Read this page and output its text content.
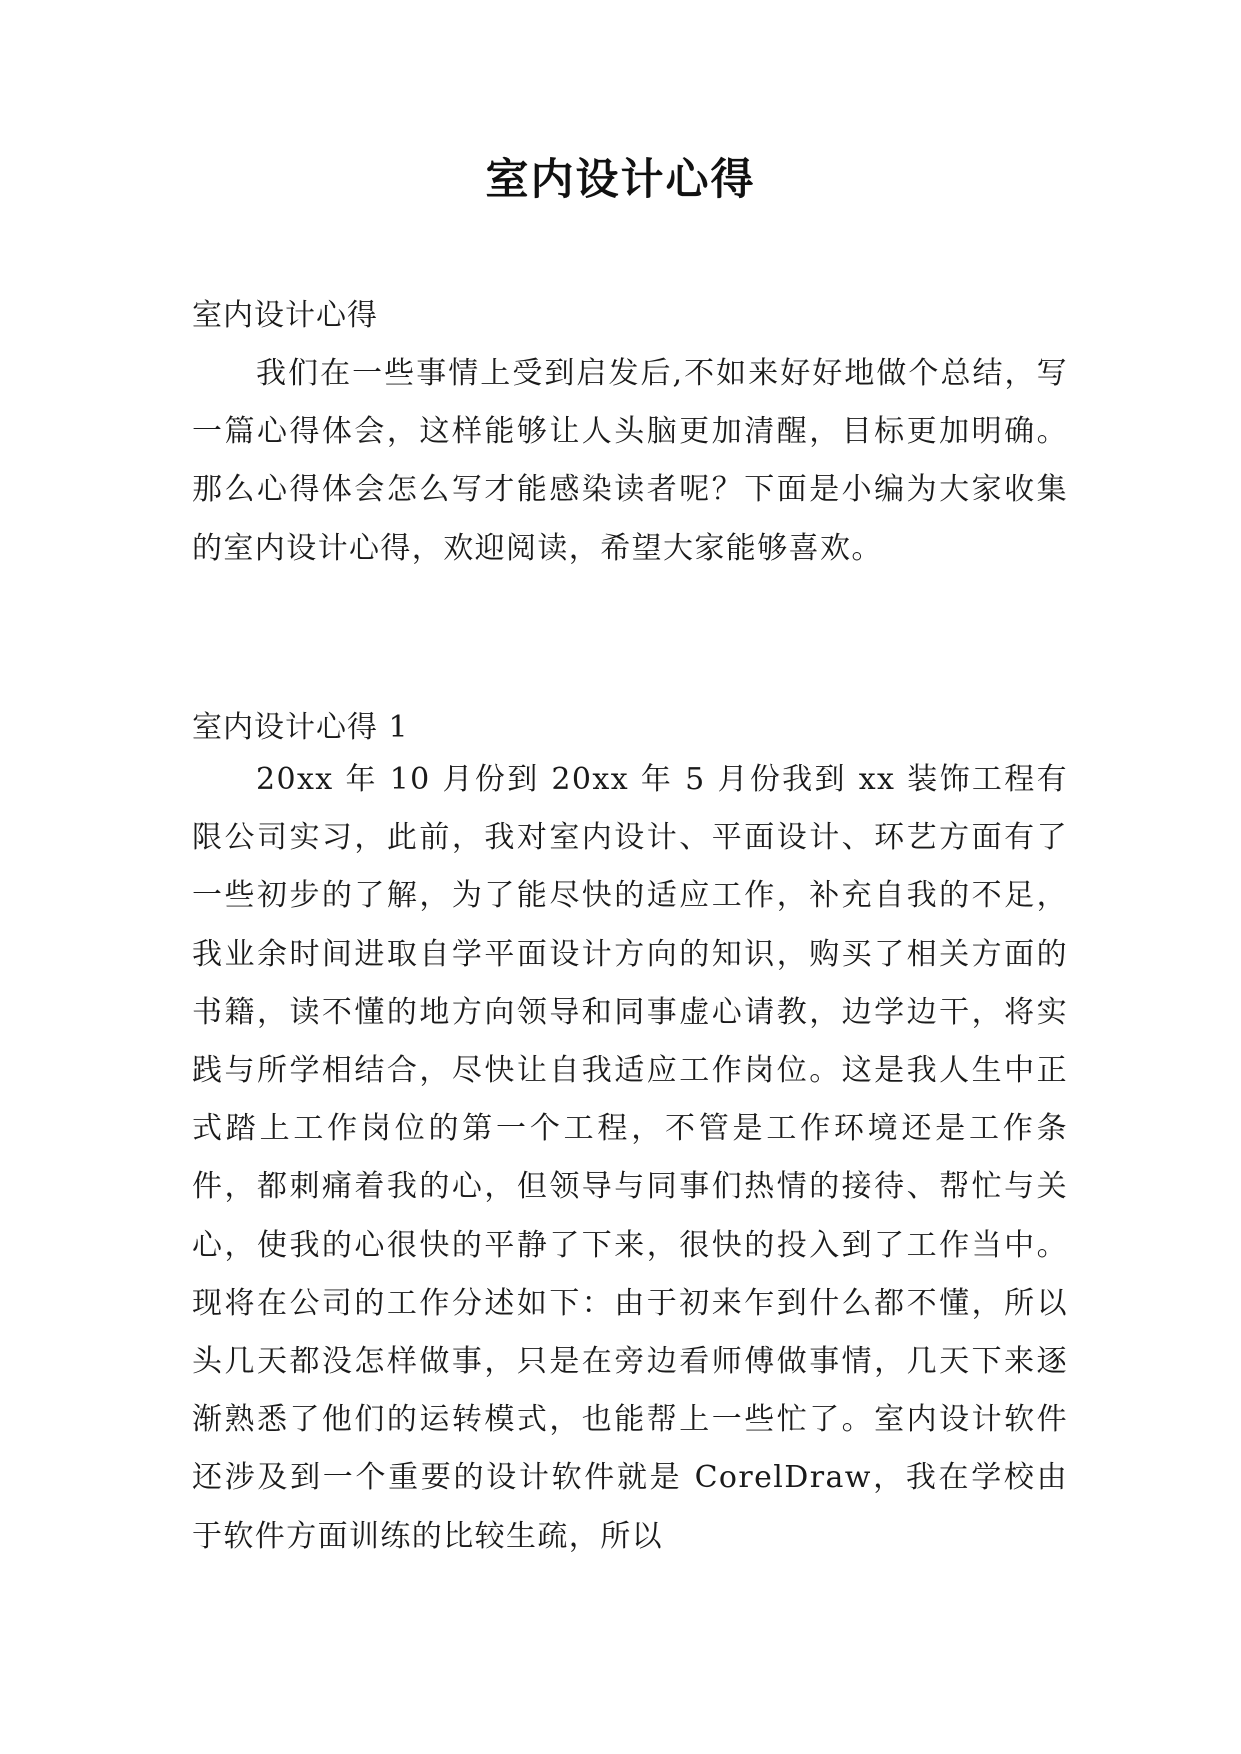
室内设计心得
室内设计心得
我们在一些事情上受到启发后,不如来好好地做个总结，写一篇心得体会，这样能够让人头脑更加清醒，目标更加明确。那么心得体会怎么写才能感染读者呢？下面是小编为大家收集的室内设计心得，欢迎阅读，希望大家能够喜欢。
室内设计心得 1
20xx 年 10 月份到 20xx 年 5 月份我到 xx 装饰工程有限公司实习，此前，我对室内设计、平面设计、环艺方面有了一些初步的了解，为了能尽快的适应工作，补充自我的不足，我业余时间进取自学平面设计方向的知识，购买了相关方面的书籍，读不懂的地方向领导和同事虚心请教，边学边干，将实践与所学相结合，尽快让自我适应工作岗位。这是我人生中正式踏上工作岗位的第一个工程，不管是工作环境还是工作条件，都刺痛着我的心，但领导与同事们热情的接待、帮忙与关心，使我的心很快的平静了下来，很快的投入到了工作当中。现将在公司的工作分述如下：由于初来乍到什么都不懂，所以头几天都没怎样做事，只是在旁边看师傅做事情，几天下来逐渐熟悉了他们的运转模式，也能帮上一些忙了。室内设计软件还涉及到一个重要的设计软件就是 CorelDraw，我在学校由于软件方面训练的比较生疏，所以
